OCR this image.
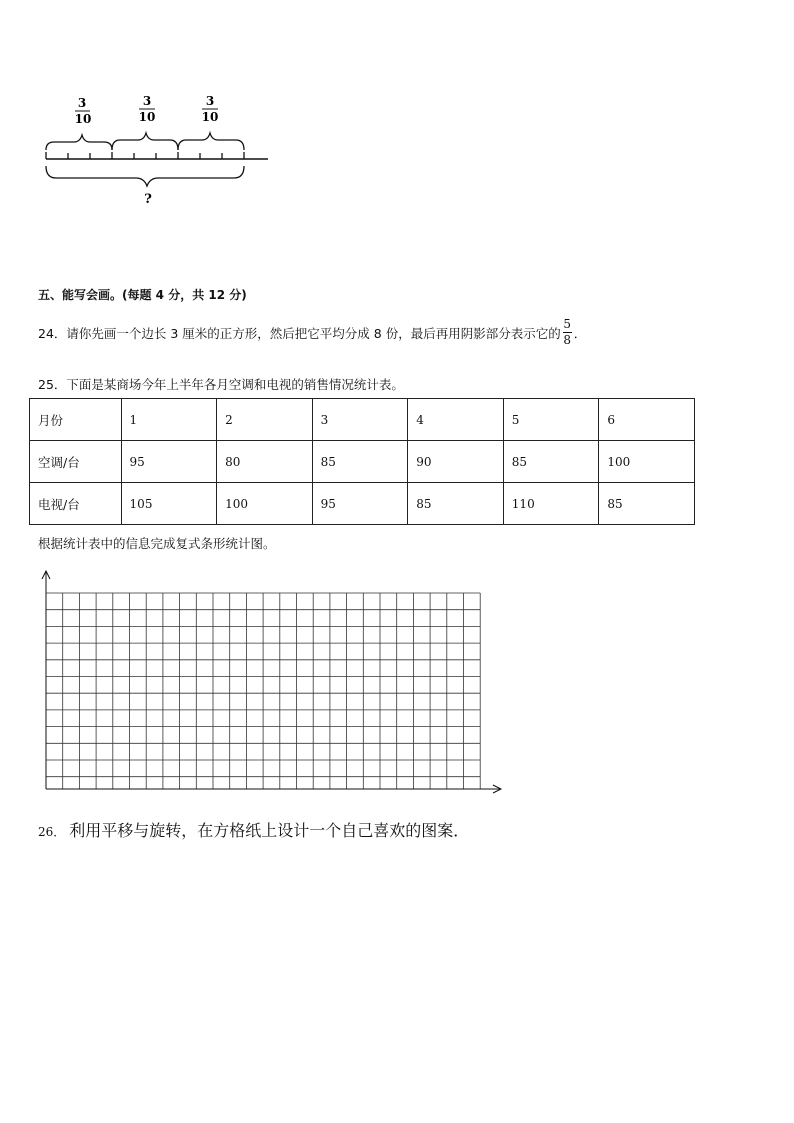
3
10
3
10
3
10
?
五、能写会画。(每题 4 分，共 12 分)
24． 请你先画一个边长 3 厘米的正方形，然后把它平均分成 8 份，最后再用阴影部分表示它的 $\frac{5}{8}$ ．
25．下面是某商场今年上半年各月空调和电视的销售情况统计表。
月份	1	2	3	4	5	6
空调/台	95	80	85	90	85	100
电视/台	105	100	95	85	110	85
根据统计表中的信息完成复式条形统计图。
26． 利用平移与旋转，在方格纸上设计一个自己喜欢的图案．
